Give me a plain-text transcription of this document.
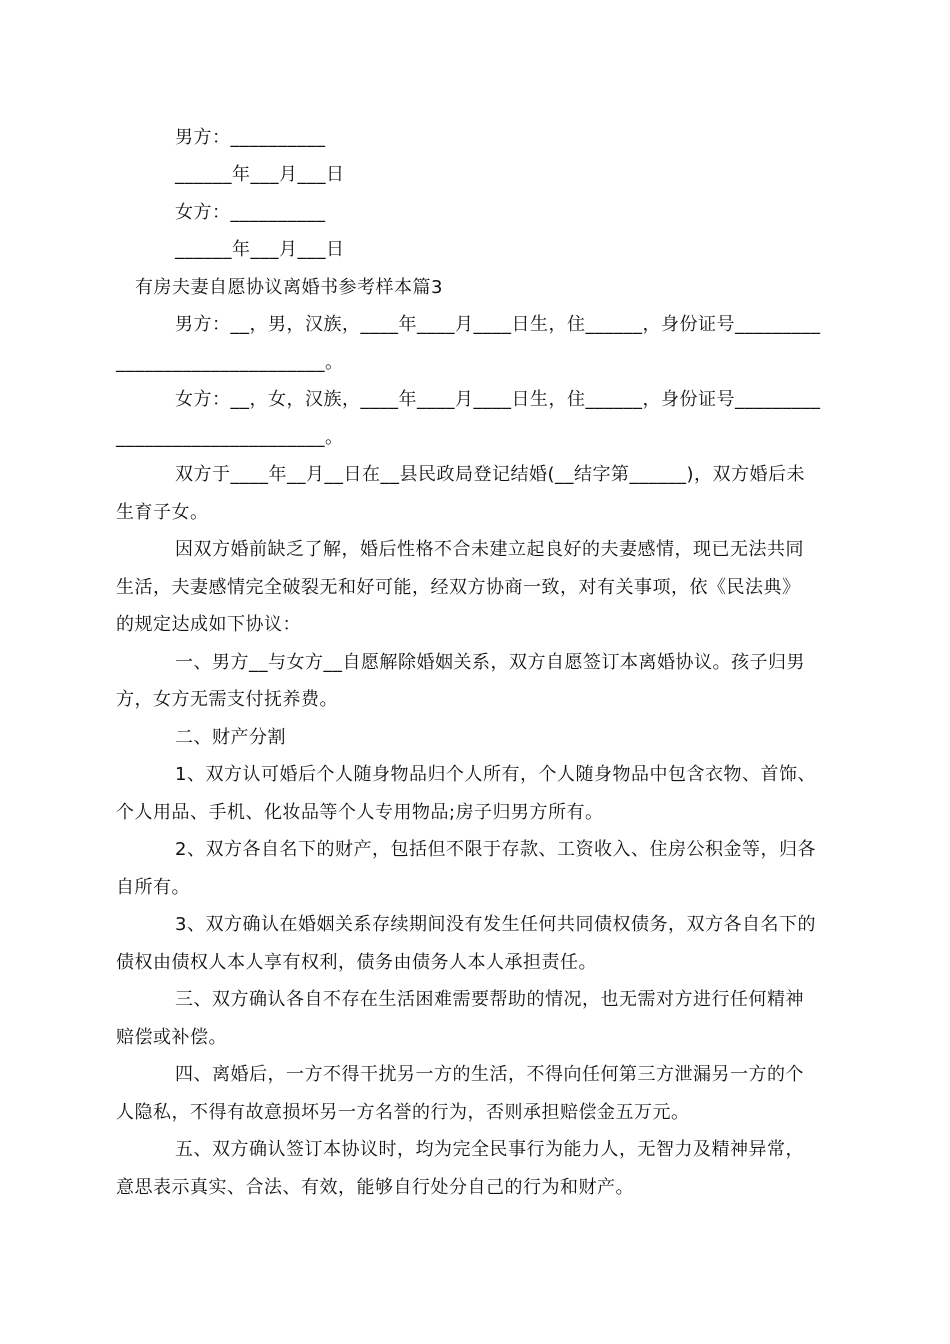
男方：__________
______年___月___日
女方：__________
______年___月___日
有房夫妻自愿协议离婚书参考样本篇3
男方：__，男，汉族，____年____月____日生，住______，身份证号_________
______________________。
女方：__，女，汉族，____年____月____日生，住______，身份证号_________
______________________。
双方于____年__月__日在__县民政局登记结婚(__结字第______)，双方婚后未
生育子女。
因双方婚前缺乏了解，婚后性格不合未建立起良好的夫妻感情，现已无法共同
生活，夫妻感情完全破裂无和好可能，经双方协商一致，对有关事项，依《民法典》
的规定达成如下协议：
一、男方__与女方__自愿解除婚姻关系，双方自愿签订本离婚协议。孩子归男
方，女方无需支付抚养费。
二、财产分割
1、双方认可婚后个人随身物品归个人所有，个人随身物品中包含衣物、首饰、
个人用品、手机、化妆品等个人专用物品;房子归男方所有。
2、双方各自名下的财产，包括但不限于存款、工资收入、住房公积金等，归各
自所有。
3、双方确认在婚姻关系存续期间没有发生任何共同债权债务，双方各自名下的
债权由债权人本人享有权利，债务由债务人本人承担责任。
三、双方确认各自不存在生活困难需要帮助的情况，也无需对方进行任何精神
赔偿或补偿。
四、离婚后，一方不得干扰另一方的生活，不得向任何第三方泄漏另一方的个
人隐私，不得有故意损坏另一方名誉的行为，否则承担赔偿金五万元。
五、双方确认签订本协议时，均为完全民事行为能力人，无智力及精神异常，
意思表示真实、合法、有效，能够自行处分自己的行为和财产。
